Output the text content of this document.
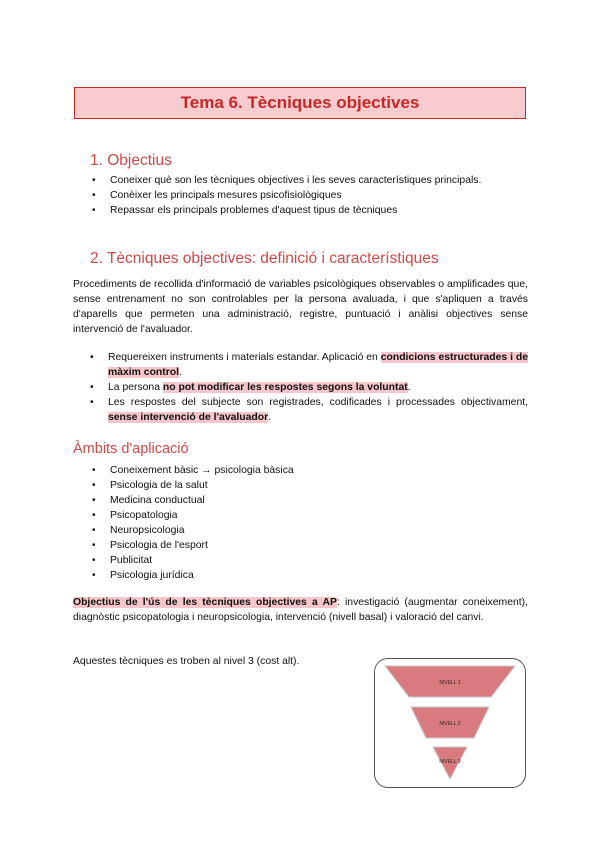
Tema 6. Tècniques objectives
1. Objectius
• Coneixer què son les tècniques objectives i les seves característiques principals.
• Conèixer les principals mesures psicofisiològiques
• Repassar els principals problemes d'aquest tipus de tècniques
2. Tècniques objectives: definició i característiques
Procediments de recollida d'informació de variables psicològiques observables o amplificades que, sense entrenament no son controlables per la persona avaluada, i que s'apliquen a través d'aparells que permeten una administració, registre, puntuació i anàlisi objectives sense intervenció de l'avaluador.
• Requereixen instruments i materials estandar. Aplicació en condicions estructurades i de màxim control.
• La persona no pot modificar les respostes segons la voluntat.
• Les respostes del subjecte son registrades, codificades i processades objectivament, sense intervenció de l'avaluador.
Àmbits d'aplicació
• Coneixement bàsic → psicologia bàsica
• Psicologia de la salut
• Medicina conductual
• Psicopatologia
• Neuropsicologia
• Psicologia de l'esport
• Publicitat
• Psicologia jurídica
Objectius de l'ús de les tècniques objectives a AP: investigació (augmentar coneixement), diagnòstic psicopatologia i neuropsicologia, intervenció (nivell basal) i valoració del canvi.
Aquestes tècniques es troben al nivel 3 (cost alt).
NIVELL 1
NIVELL 2
NIVELL 3
